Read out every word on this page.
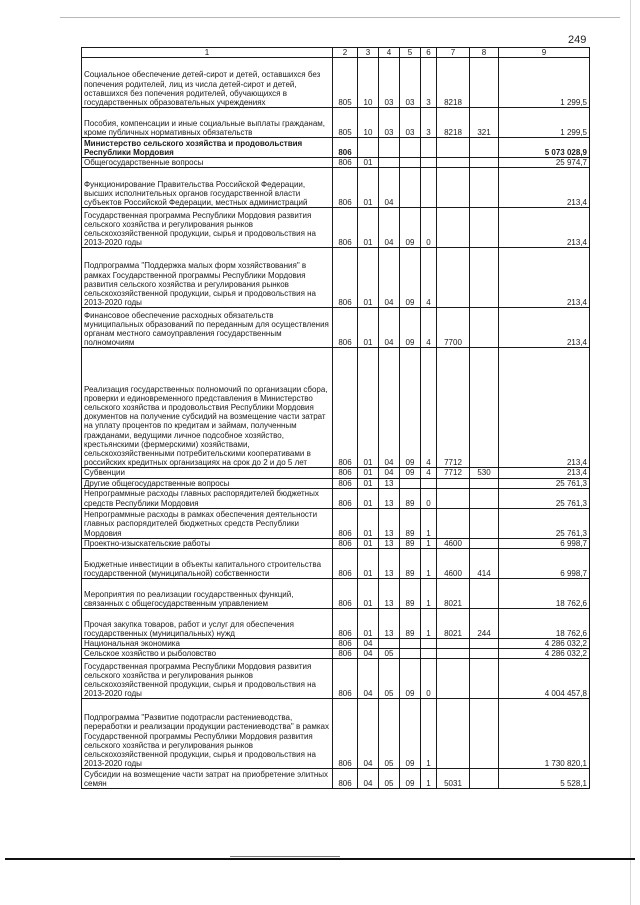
249
1	2	3	4	5	6	7	8	9
Социальное обеспечение детей-сирот и детей, оставшихся без попечения родителей, лиц из числа детей-сирот и детей, оставшихся без попечения родителей, обучающихся в государственных образовательных учреждениях	805	10	03	03	3	8218		1 299,5
Пособия, компенсации и иные социальные выплаты гражданам, кроме публичных нормативных обязательств	805	10	03	03	3	8218	321	1 299,5
Министерство сельского хозяйства и продовольствия Республики Мордовия	806							5 073 028,9
Общегосударственные вопросы	806	01						25 974,7
Функционирование Правительства Российской Федерации, высших исполнительных органов государственной власти субъектов Российской Федерации, местных администраций	806	01	04					213,4
Государственная программа Республики Мордовия развития сельского хозяйства и регулирования рынков сельскохозяйственной продукции, сырья и продовольствия на 2013-2020 годы	806	01	04	09	0			213,4
Подпрограмма "Поддержка малых форм хозяйствования" в рамках Государственной программы Республики Мордовия развития сельского хозяйства и регулирования рынков сельскохозяйственной продукции, сырья и продовольствия на 2013-2020 годы	806	01	04	09	4			213,4
Финансовое обеспечение расходных обязательств муниципальных образований по переданным для осуществления органам местного самоуправления государственным полномочиям	806	01	04	09	4	7700		213,4
Реализация государственных полномочий по организации сбора, проверки и единовременного представления в Министерство сельского хозяйства и продовольствия Республики Мордовия документов на получение субсидий на возмещение части затрат на уплату процентов по кредитам и займам, полученным гражданами, ведущими личное подсобное хозяйство, крестьянскими (фермерскими) хозяйствами, сельскохозяйственными потребительскими кооперативами в российских кредитных организациях на срок до 2 и до 5 лет	806	01	04	09	4	7712		213,4
Субвенции	806	01	04	09	4	7712	530	213,4
Другие общегосударственные вопросы	806	01	13					25 761,3
Непрограммные расходы главных распорядителей бюджетных средств Республики Мордовия	806	01	13	89	0			25 761,3
Непрограммные расходы в рамках обеспечения деятельности главных распорядителей бюджетных средств Республики Мордовия	806	01	13	89	1			25 761,3
Проектно-изыскательские работы	806	01	13	89	1	4600		6 998,7
Бюджетные инвестиции в объекты капитального строительства государственной (муниципальной) собственности	806	01	13	89	1	4600	414	6 998,7
Мероприятия по реализации государственных функций, связанных с общегосударственным управлением	806	01	13	89	1	8021		18 762,6
Прочая закупка товаров, работ и услуг для обеспечения государственных (муниципальных) нужд	806	01	13	89	1	8021	244	18 762,6
Национальная экономика	806	04						4 286 032,2
Сельское хозяйство и рыболовство	806	04	05					4 286 032,2
Государственная программа Республики Мордовия развития сельского хозяйства и регулирования рынков сельскохозяйственной продукции, сырья и продовольствия на 2013-2020 годы	806	04	05	09	0			4 004 457,8
Подпрограмма "Развитие подотрасли растениеводства, переработки и реализации продукции растениеводства" в рамках Государственной программы Республики Мордовия развития сельского хозяйства и регулирования рынков сельскохозяйственной продукции, сырья и продовольствия на 2013-2020 годы	806	04	05	09	1			1 730 820,1
Субсидии на возмещение части затрат на приобретение элитных семян	806	04	05	09	1	5031		5 528,1
